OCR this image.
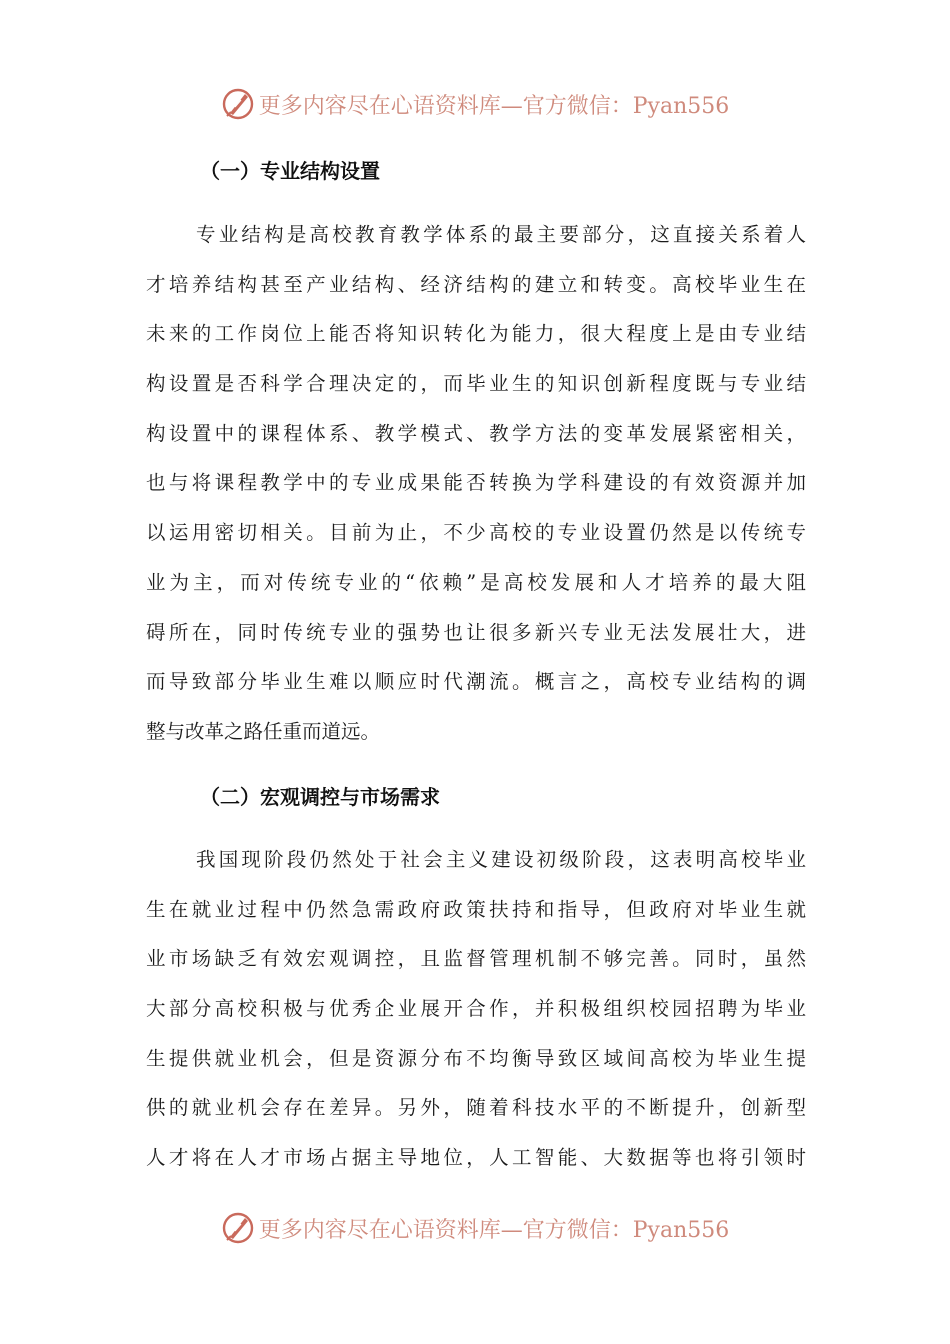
更多内容尽在心语资料库—官方微信：Pyan556
（一）专业结构设置
专业结构是高校教育教学体系的最主要部分，这直接关系着人
才培养结构甚至产业结构、经济结构的建立和转变。高校毕业生在
未来的工作岗位上能否将知识转化为能力，很大程度上是由专业结
构设置是否科学合理决定的，而毕业生的知识创新程度既与专业结
构设置中的课程体系、教学模式、教学方法的变革发展紧密相关，
也与将课程教学中的专业成果能否转换为学科建设的有效资源并加
以运用密切相关。目前为止，不少高校的专业设置仍然是以传统专
业为主，而对传统专业的“依赖”是高校发展和人才培养的最大阻
碍所在，同时传统专业的强势也让很多新兴专业无法发展壮大，进
而导致部分毕业生难以顺应时代潮流。概言之，高校专业结构的调
整与改革之路任重而道远。
（二）宏观调控与市场需求
我国现阶段仍然处于社会主义建设初级阶段，这表明高校毕业
生在就业过程中仍然急需政府政策扶持和指导，但政府对毕业生就
业市场缺乏有效宏观调控，且监督管理机制不够完善。同时，虽然
大部分高校积极与优秀企业展开合作，并积极组织校园招聘为毕业
生提供就业机会，但是资源分布不均衡导致区域间高校为毕业生提
供的就业机会存在差异。另外，随着科技水平的不断提升，创新型
人才将在人才市场占据主导地位，人工智能、大数据等也将引领时
更多内容尽在心语资料库—官方微信：Pyan556
